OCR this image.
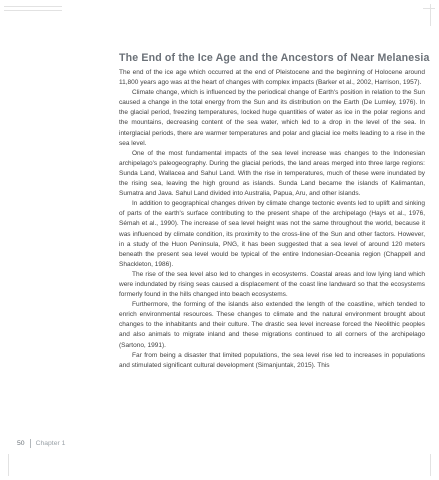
The End of the Ice Age and the Ancestors of Near Melanesia

The end of the ice age which occurred at the end of Pleistocene and the beginning of Holocene around 11,800 years ago was at the heart of changes with complex impacts (Barker et al., 2002, Harrison, 1957).

Climate change, which is influenced by the periodical change of Earth's position in relation to the Sun caused a change in the total energy from the Sun and its distribution on the Earth (De Lumley, 1976). In the glacial period, freezing temperatures, locked huge quantities of water as ice in the polar regions and the mountains, decreasing content of the sea water, which led to a drop in the level of the sea. In interglacial periods, there are warmer temperatures and polar and glacial ice melts leading to a rise in the sea level.

One of the most fundamental impacts of the sea level increase was changes to the Indonesian archipelago's paleogeography. During the glacial periods, the land areas merged into three large regions: Sunda Land, Wallacea and Sahul Land. With the rise in temperatures, much of these were inundated by the rising sea, leaving the high ground as islands. Sunda Land became the islands of Kalimantan, Sumatra and Java. Sahul Land divided into Australia, Papua, Aru, and other islands.

In addition to geographical changes driven by climate change tectonic events led to uplift and sinking of parts of the earth's surface contributing to the present shape of the archipelago (Hays et al., 1976, Sémah et al., 1990). The increase of sea level height was not the same throughout the world, because it was influenced by climate condition, its proximity to the cross-line of the Sun and other factors. However, in a study of the Huon Peninsula, PNG, it has been suggested that a sea level of around 120 meters beneath the present sea level would be typical of the entire Indonesian-Oceania region (Chappell and Shackleton, 1986).

The rise of the sea level also led to changes in ecosystems. Coastal areas and low lying land which were indundated by rising seas caused a displacement of the coast line landward so that the ecosystems formerly found in the hills changed into beach ecosystems.

Furthermore, the forming of the islands also extended the length of the coastline, which tended to enrich environmental resources. These changes to climate and the natural environment brought about changes to the inhabitants and their culture. The drastic sea level increase forced the Neolithic peoples and also animals to migrate inland and these migrations continued to all corners of the archipelago (Sartono, 1991).

Far from being a disaster that limited populations, the sea level rise led to increases in populations and stimulated significant cultural development (Simanjuntak, 2015). This

50 Chapter 1
